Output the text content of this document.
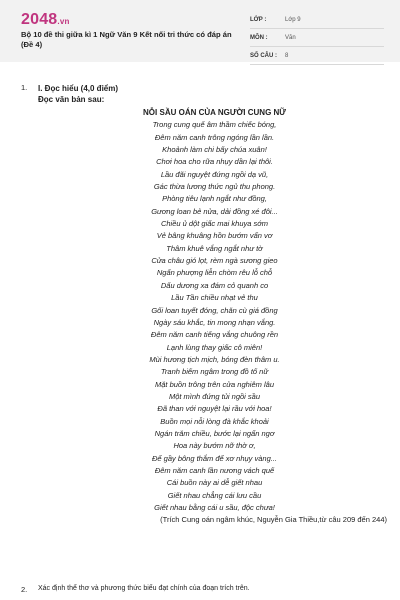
2048.vn
Bộ 10 đề thi giữa kì 1 Ngữ Văn 9 Kết nối tri thức có đáp án (Đề 4)
LỚP :	Lớp 9
MÔN :	Văn
SỐ CÂU :	8
1. I. Đọc hiểu (4,0 điểm)
Đọc văn bản sau:
NỖI SẦU OÁN CỦA NGƯỜI CUNG NỮ
Trong cung quế âm thầm chiếc bóng,
Đêm năm canh trông ngóng lần lần.
Khoảnh làm chi bấy chúa xuân!
Chơi hoa cho rữa nhụy dần lại thôi.
Lầu đãi nguyệt đứng ngồi dạ vũ,
Gác thừa lương thức ngủ thu phong.
Phòng tiêu lạnh ngắt như đồng,
Gương loan bẻ nửa, dải đồng xé đôi...
Chiều ủ dột giấc mai khuya sớm
Vẻ bâng khuâng hồn bướm vẩn vơ
Thâm khuê vắng ngắt như tờ
Cửa châu gió lọt, rèm ngà sương gieo
Ngấn phượng liễn chòm rêu lỗ chỗ
Dấu dương xa đám cỏ quanh co
Lầu Tần chiều nhạt vẻ thu
Gối loan tuyết đóng, chăn cù giá đồng
Ngày sáu khắc, tin mong nhạn vắng.
Đêm năm canh tiếng vắng chuông rền
Lạnh lùng thay giấc cô miên!
Mùi hương tịch mịch, bóng đèn thâm u.
Tranh biếm ngâm trong đồ tố nữ
Mặt buồn trông trên cửa nghiêm lâu
Một mình đứng tủi ngồi sầu
Đã than với nguyệt lại rầu với hoa!
Buồn mọi nỗi lòng đà khắc khoải
Ngán trăm chiều, bước lại ngẩn ngơ
Hoa này bướm nỡ thờ ơ,
Để gầy bông thắm để xơ nhụy vàng...
Đêm năm canh lần nương vách quế
Cái buồn này ai dễ giết nhau
Giết nhau chẳng cái lưu cầu
Giết nhau bằng cái u sầu, độc chưa!
(Trích Cung oán ngâm khúc, Nguyễn Gia Thiều,từ câu 209 đến 244)
2. Xác định thể thơ và phương thức biểu đạt chính của đoạn trích trên.
